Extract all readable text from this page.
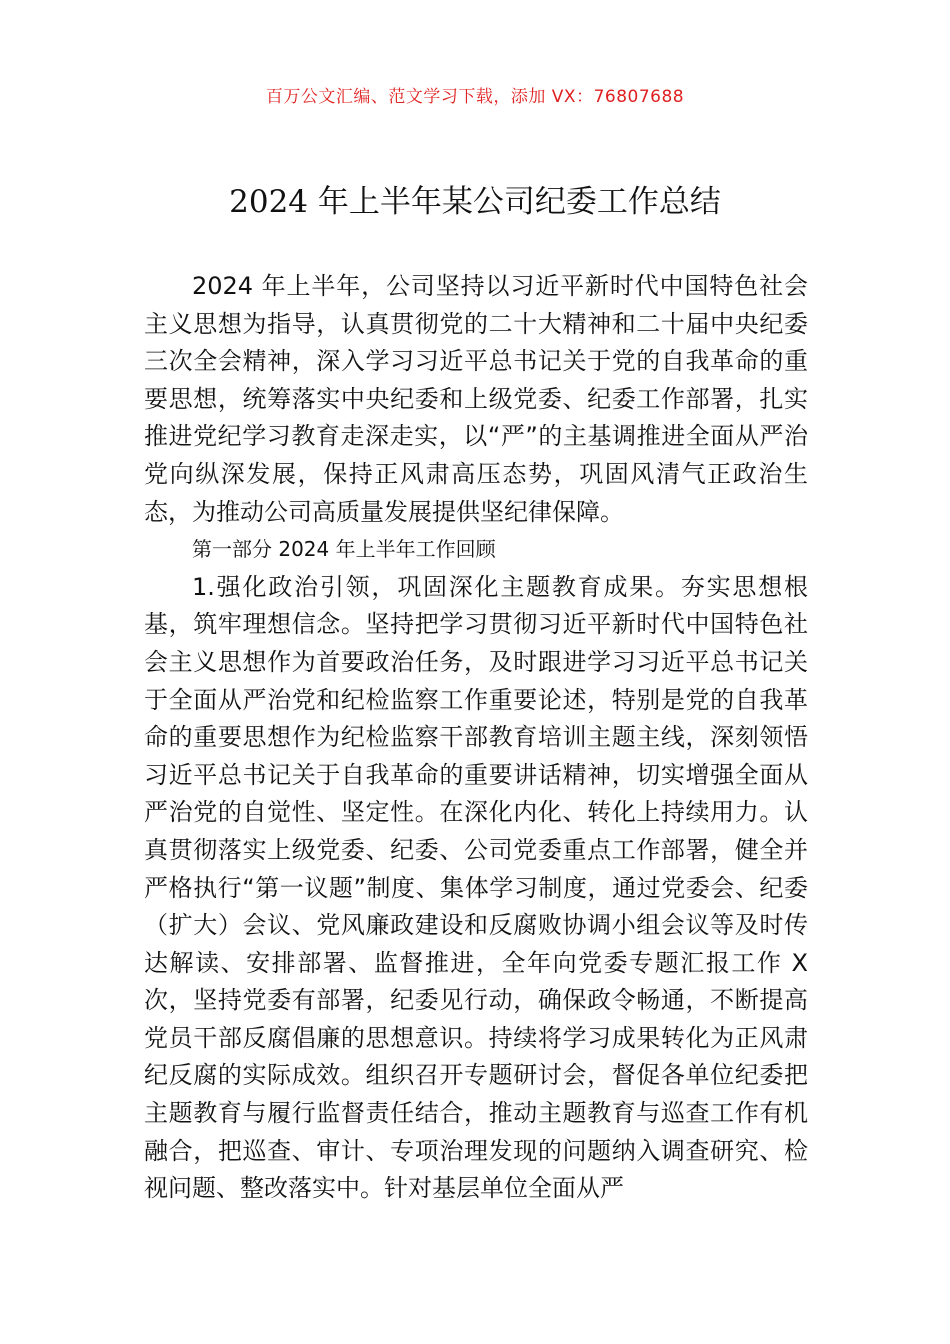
百万公文汇编、范文学习下载，添加 VX：76807688
2024 年上半年某公司纪委工作总结

2024 年上半年，公司坚持以习近平新时代中国特色社会主义思想为指导，认真贯彻党的二十大精神和二十届中央纪委三次全会精神，深入学习习近平总书记关于党的自我革命的重要思想，统筹落实中央纪委和上级党委、纪委工作部署，扎实推进党纪学习教育走深走实，以“严”的主基调推进全面从严治党向纵深发展，保持正风肃高压态势，巩固风清气正政治生态，为推动公司高质量发展提供坚纪律保障。

第一部分 2024 年上半年工作回顾

1.强化政治引领，巩固深化主题教育成果。夯实思想根基，筑牢理想信念。坚持把学习贯彻习近平新时代中国特色社会主义思想作为首要政治任务，及时跟进学习习近平总书记关于全面从严治党和纪检监察工作重要论述，特别是党的自我革命的重要思想作为纪检监察干部教育培训主题主线，深刻领悟习近平总书记关于自我革命的重要讲话精神，切实增强全面从严治党的自觉性、坚定性。在深化内化、转化上持续用力。认真贯彻落实上级党委、纪委、公司党委重点工作部署，健全并严格执行“第一议题”制度、集体学习制度，通过党委会、纪委（扩大）会议、党风廉政建设和反腐败协调小组会议等及时传达解读、安排部署、监督推进，全年向党委专题汇报工作 X 次，坚持党委有部署，纪委见行动，确保政令畅通，不断提高党员干部反腐倡廉的思想意识。持续将学习成果转化为正风肃纪反腐的实际成效。组织召开专题研讨会，督促各单位纪委把主题教育与履行监督责任结合，推动主题教育与巡查工作有机融合，把巡查、审计、专项治理发现的问题纳入调查研究、检视问题、整改落实中。针对基层单位全面从严
